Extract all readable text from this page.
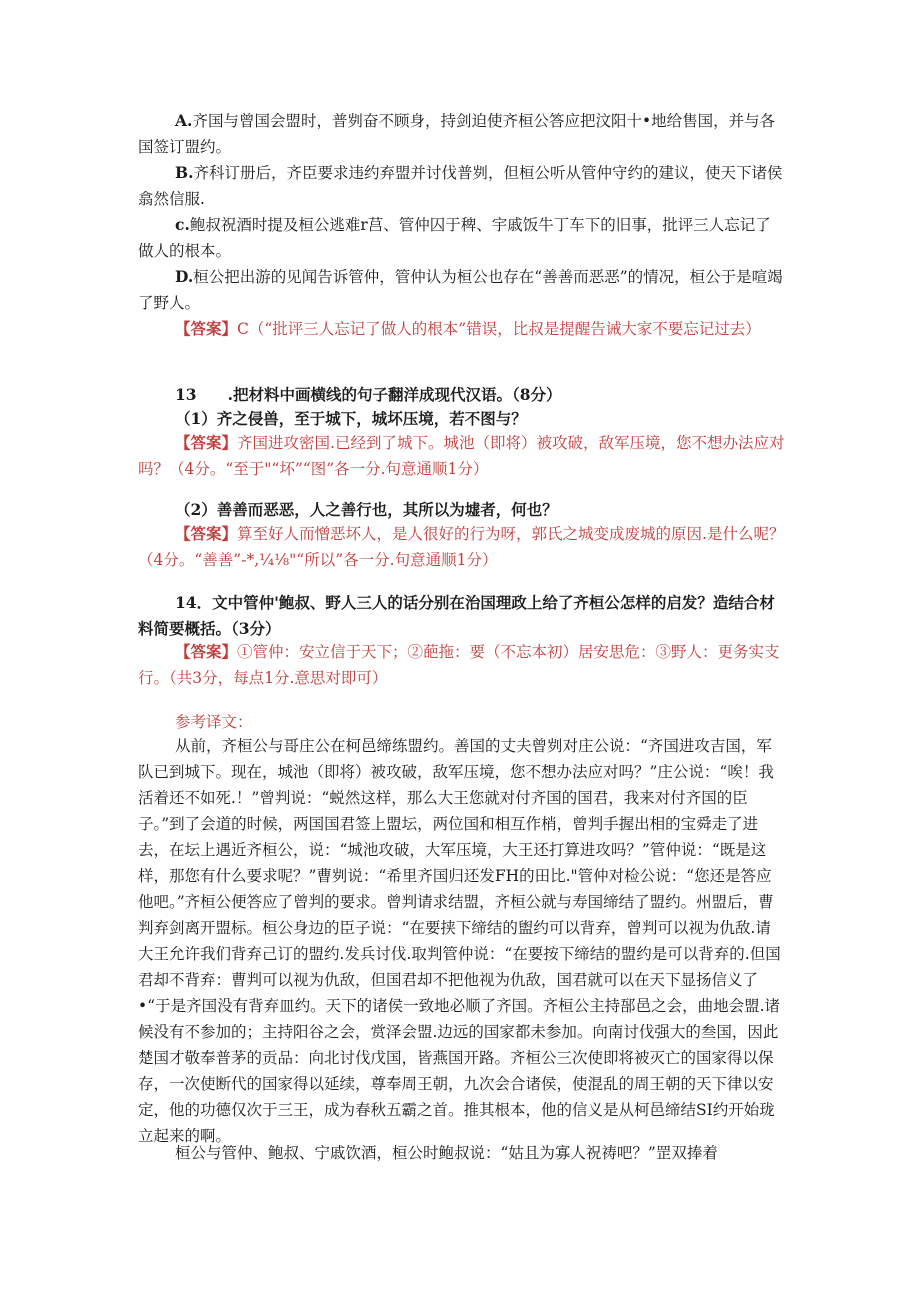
A.齐国与曾国会盟时，普刿奋不顾身，持剑迫使齐桓公答应把汶阳十•地给售国，并与各国签订盟约。

B.齐科订册后，齐臣要求违约弃盟并讨伐普刿，但桓公听从管仲守约的建议，使天下诸侯翕然信服.

c.鲍叔祝酒时提及桓公逃难r莒、管仲囚于稗、宇戚饭牛丁车下的旧事，批评三人忘记了做人的根本。

D.桓公把出游的见闻告诉管仲，管仲认为桓公也存在“善善而恶恶”的情况，桓公于是喧竭了野人。

【答案】C（“批评三人忘记了做人的根本”错误，比叔是提醒告诫大家不要忘记过去）

13　　.把材料中画横线的句子翻洋成现代汉语。（8分）

（1）齐之侵兽，至于城下，城坏压境，若不图与？

【答案】齐国进攻密国.已经到了城下。城池（即将）被攻破，敌军压境，您不想办法应对吗？（4分。“至于"“坏”“图”各一分.句意通顺1分）

（2）善善而恶恶，人之善行也，其所以为墟者，何也？

【答案】算至好人而憎恶坏人，是人很好的行为呀，郭氏之城变成废城的原因.是什么呢？（4分。“善善”-*,¼⅛"“所以”各一分.句意通顺1分）

14．文中管仲'鲍叔、野人三人的话分别在治国理政上给了齐桓公怎样的启发？造结合材料简要概括。（3分）

【答案】①管仲：安立信于天下；②葩拖：要（不忘本初）居安思危：③野人：更务实支行。（共3分，每点1分.意思对即可）

参考译文：

从前，齐桓公与哥庄公在柯邑缔练盟约。善国的丈夫曾刿对庄公说：“齐国进攻吉国，军队已到城下。现在，城池（即将）被攻破，敌军压境，您不想办法应对吗？”庄公说：“唉！我活着还不如死.！”曾判说：“蜕然这样，那么大王您就对付齐国的国君，我来对付齐国的臣子。”到了会道的时候，两国国君签上盟坛，两位国和相互作梢，曾判手握出相的宝舜走了进去，在坛上遇近齐桓公，说：“城池攻破，大军压境，大王还打算进攻吗？”管仲说：“既是这样，那您有什么要求呢？”曹刿说：“希里齐国归还发FH的田比."管仲对检公说：“您还是答应他吧。”齐桓公便答应了曾判的要求。曾判请求结盟，齐桓公就与寿国缔结了盟约。州盟后，曹判弃剑离开盟标。桓公身边的臣子说：“在要挟下缔结的盥约可以背弃，曾判可以视为仇敌.请大王允许我们背弃己订的盟约.发兵讨伐.取判管仲说：“在要按下缔结的盟约是可以背弃的.但国君却不背弃：曹判可以视为仇敌，但国君却不把他视为仇敌，国君就可以在天下显扬信义了•“于是齐国没有背弃皿约。天下的诸侯一致地必顺了齐国。齐桓公主持郚邑之会，曲地会盟.诸候没有不参加的；主持阳谷之会，赏泽会盟.边远的国家都未参加。向南讨伐强大的叁国，因此楚国才敬奉普茅的贡品：向北讨伐戊国，皆燕国开路。齐桓公三次使即将被灭亡的国家得以保存，一次使断代的国家得以延续，尊奉周王朝，九次会合诸侯，使混乱的周王朝的天下律以安定，他的功德仅次于三王，成为春秋五霸之首。推其根本，他的信义是从柯邑缔结SI约开始珑立起来的啊。

桓公与管仲、鲍叔、宁戚饮酒，桓公时鲍叔说：“姑且为寡人祝祷吧？”罡双捧着
